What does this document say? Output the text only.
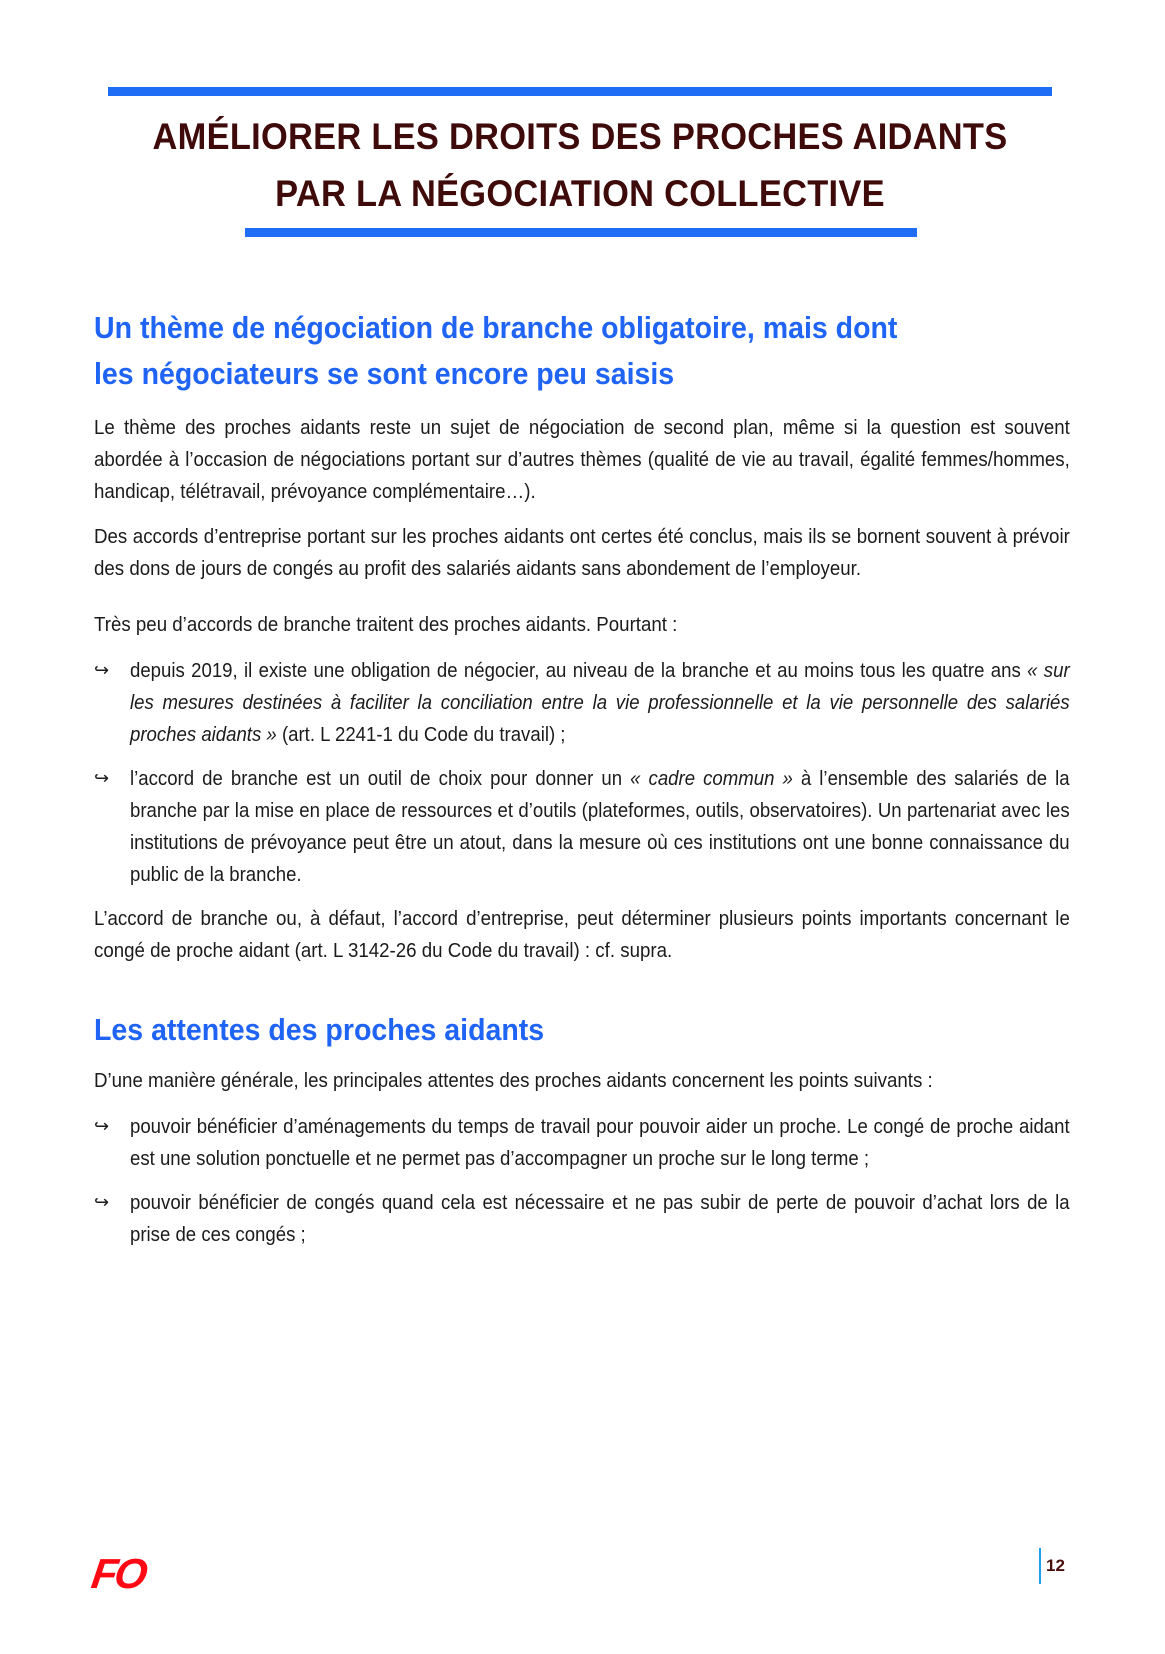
AMÉLIORER LES DROITS DES PROCHES AIDANTS
PAR LA NÉGOCIATION COLLECTIVE
Un thème de négociation de branche obligatoire, mais dont
les négociateurs se sont encore peu saisis

Le thème des proches aidants reste un sujet de négociation de second plan, même si la question est souvent abordée à l’occasion de négociations portant sur d’autres thèmes (qualité de vie au travail, égalité femmes/hommes, handicap, télétravail, prévoyance complémentaire…).

Des accords d’entreprise portant sur les proches aidants ont certes été conclus, mais ils se bornent souvent à prévoir des dons de jours de congés au profit des salariés aidants sans abondement de l’employeur.

Très peu d’accords de branche traitent des proches aidants. Pourtant :

↪ depuis 2019, il existe une obligation de négocier, au niveau de la branche et au moins tous les quatre ans « sur les mesures destinées à faciliter la conciliation entre la vie professionnelle et la vie personnelle des salariés proches aidants » (art. L 2241-1 du Code du travail) ;
↪ l’accord de branche est un outil de choix pour donner un « cadre commun » à l’ensemble des salariés de la branche par la mise en place de ressources et d’outils (plateformes, outils, observatoires). Un partenariat avec les institutions de prévoyance peut être un atout, dans la mesure où ces institutions ont une bonne connaissance du public de la branche.

L’accord de branche ou, à défaut, l’accord d’entreprise, peut déterminer plusieurs points importants concernant le congé de proche aidant (art. L 3142-26 du Code du travail) : cf. supra.

Les attentes des proches aidants

D’une manière générale, les principales attentes des proches aidants concernent les points suivants :

↪ pouvoir bénéficier d’aménagements du temps de travail pour pouvoir aider un proche. Le congé de proche aidant est une solution ponctuelle et ne permet pas d’accompagner un proche sur le long terme ;
↪ pouvoir bénéficier de congés quand cela est nécessaire et ne pas subir de perte de pouvoir d’achat lors de la prise de ces congés ;
FO	12
